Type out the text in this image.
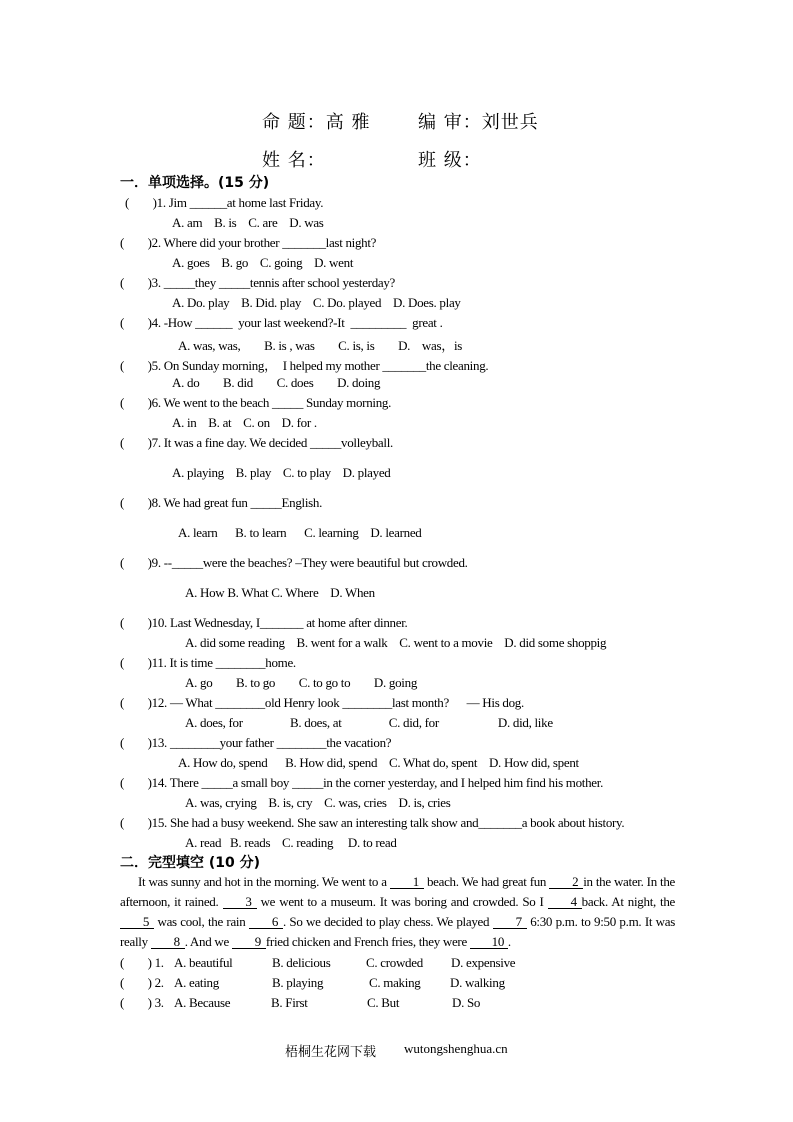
命 题：高 雅	编 审：刘世兵
姓 名：	班 级：
一．单项选择。(15 分)
(        )1. Jim ______at home last Friday.
A. am    B. is    C. are    D. was
(        )2. Where did your brother _______last night?
A. goes    B. go    C. going    D. went
(        )3. _____they _____tennis after school yesterday?
A. Do. play    B. Did. play    C. Do. played    D. Does. play
(        )4. -How ______  your last weekend?-It  _________  great .
A. was, was,        B. is , was        C. is, is        D.    was，is
(        )5. On Sunday morning，  I helped my mother _______the cleaning.
A. do        B. did        C. does        D. doing
(        )6. We went to the beach _____ Sunday morning.
A. in    B. at    C. on    D. for .
(        )7. It was a fine day. We decided _____volleyball.
A. playing    B. play    C. to play    D. played
(        )8. We had great fun _____English.
A. learn      B. to learn      C. learning    D. learned
(        )9. --_____were the beaches? –They were beautiful but crowded.
A. How B. What C. Where    D. When
(        )10. Last Wednesday, I_______ at home after dinner.
A. did some reading    B. went for a walk    C. went to a movie    D. did some shoppig
(        )11. It is time ________home.
A. go        B. to go        C. to go to        D. going
(        )12. — What ________old Henry look ________last month?      — His dog.
A. does, for                B. does, at                C. did, for                    D. did, like
(        )13. ________your father ________the vacation?
A. How do, spend      B. How did, spend    C. What do, spent    D. How did, spent
(        )14. There _____a small boy _____in the corner yesterday, and I helped him find his mother.
A. was, crying    B. is, cry    C. was, cries    D. is, cries
(        )15. She had a busy weekend. She saw an interesting talk show and_______a book about history.
A. read   B. reads    C. reading     D. to read
二．完型填空 (10 分)
It was sunny and hot in the morning. We went to a 1 beach. We had great fun 2 in the water. In the afternoon, it rained. 3 we went to a museum. It was boring and crowded. So I 4 back. At night, the 5 was cool, the rain 6 . So we decided to play chess. We played 7 6:30 p.m. to 9:50 p.m. It was really 8 . And we 9 fried chicken and French fries, they were 10 .
(        ) 1. A. beautiful	B. delicious	C. crowded D. expensive
(        ) 2. A. eating	B. playing	C. making D. walking
(        ) 3. A. Because	B. First	C. But	D. So
梧桐生花网下载 wutongshenghua.cn
